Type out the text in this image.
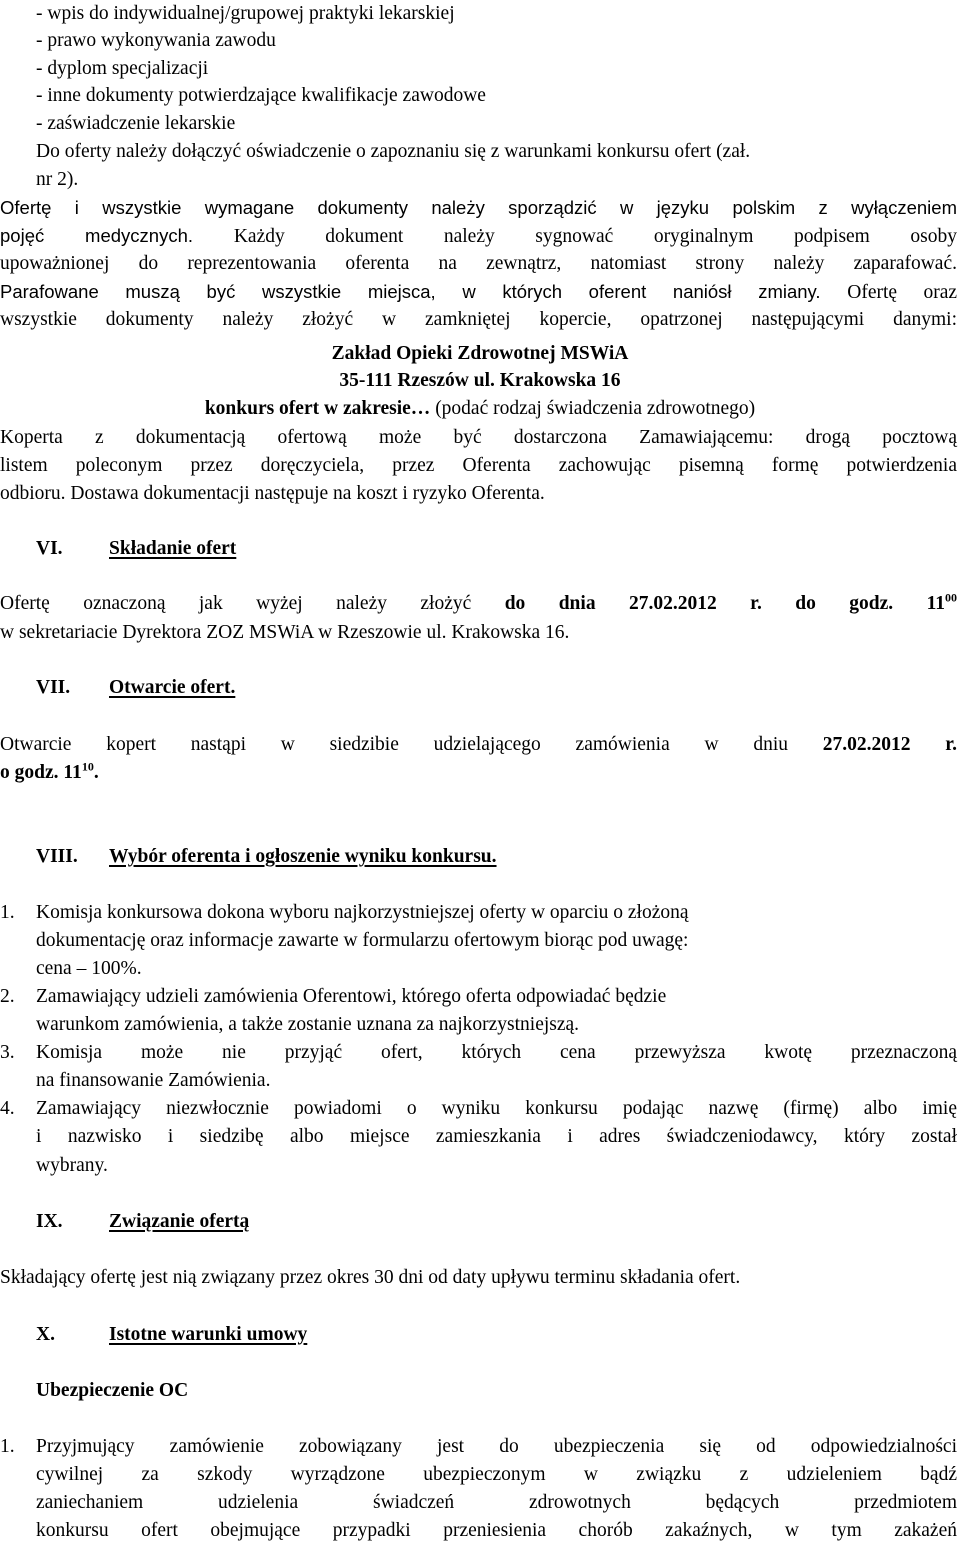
- wpis do indywidualnej/grupowej praktyki lekarskiej
- prawo wykonywania zawodu
- dyplom specjalizacji
- inne dokumenty potwierdzające kwalifikacje zawodowe
- zaświadczenie lekarskie
Do oferty należy dołączyć oświadczenie o zapoznaniu się z warunkami konkursu ofert (zał.
nr 2).
Ofertę i wszystkie wymagane dokumenty należy sporządzić w języku polskim z wyłączeniem
pojęć medycznych. Każdy dokument należy sygnować oryginalnym podpisem osoby
upoważnionej do reprezentowania oferenta na zewnątrz, natomiast strony należy zaparafować.
Parafowane muszą być wszystkie miejsca, w których oferent naniósł zmiany. Ofertę oraz
wszystkie dokumenty należy złożyć w zamkniętej kopercie, opatrzonej następującymi danymi:
Zakład Opieki Zdrowotnej MSWiA
35-111 Rzeszów ul. Krakowska 16
konkurs ofert w zakresie… (podać rodzaj świadczenia zdrowotnego)
Koperta z dokumentacją ofertową może być dostarczona Zamawiającemu: drogą pocztową
listem poleconym przez doręczyciela, przez Oferenta zachowując pisemną formę potwierdzenia
odbioru. Dostawa dokumentacji następuje na koszt i ryzyko Oferenta.
VI. Składanie ofert
Ofertę oznaczoną jak wyżej należy złożyć do dnia 27.02.2012 r. do godz. $11^{00}$
w sekretariacie Dyrektora ZOZ MSWiA w Rzeszowie ul. Krakowska 16.
VII. Otwarcie ofert.
Otwarcie kopert nastąpi w siedzibie udzielającego zamówienia w dniu 27.02.2012 r.
o godz. $11^{10}$.
VIII. Wybór oferenta i ogłoszenie wyniku konkursu.
1. Komisja konkursowa dokona wyboru najkorzystniejszej oferty w oparciu o złożoną
dokumentację oraz informacje zawarte w formularzu ofertowym biorąc pod uwagę:
cena – 100%.
2. Zamawiający udzieli zamówienia Oferentowi, którego oferta odpowiadać będzie
warunkom zamówienia, a także zostanie uznana za najkorzystniejszą.
3. Komisja może nie przyjąć ofert, których cena przewyższa kwotę przeznaczoną
na finansowanie Zamówienia.
4. Zamawiający niezwłocznie powiadomi o wyniku konkursu podając nazwę (firmę) albo imię
i nazwisko i siedzibę albo miejsce zamieszkania i adres świadczeniodawcy, który został
wybrany.
IX. Związanie ofertą
Składający ofertę jest nią związany przez okres 30 dni od daty upływu terminu składania ofert.
X.	Istotne warunki umowy
Ubezpieczenie OC
1. Przyjmujący zamówienie zobowiązany jest do ubezpieczenia się od odpowiedzialności
cywilnej za szkody wyrządzone ubezpieczonym w związku z udzieleniem bądź
zaniechaniem udzielenia świadczeń zdrowotnych będących przedmiotem
konkursu ofert obejmujące przypadki przeniesienia chorób zakaźnych, w tym zakażeń
